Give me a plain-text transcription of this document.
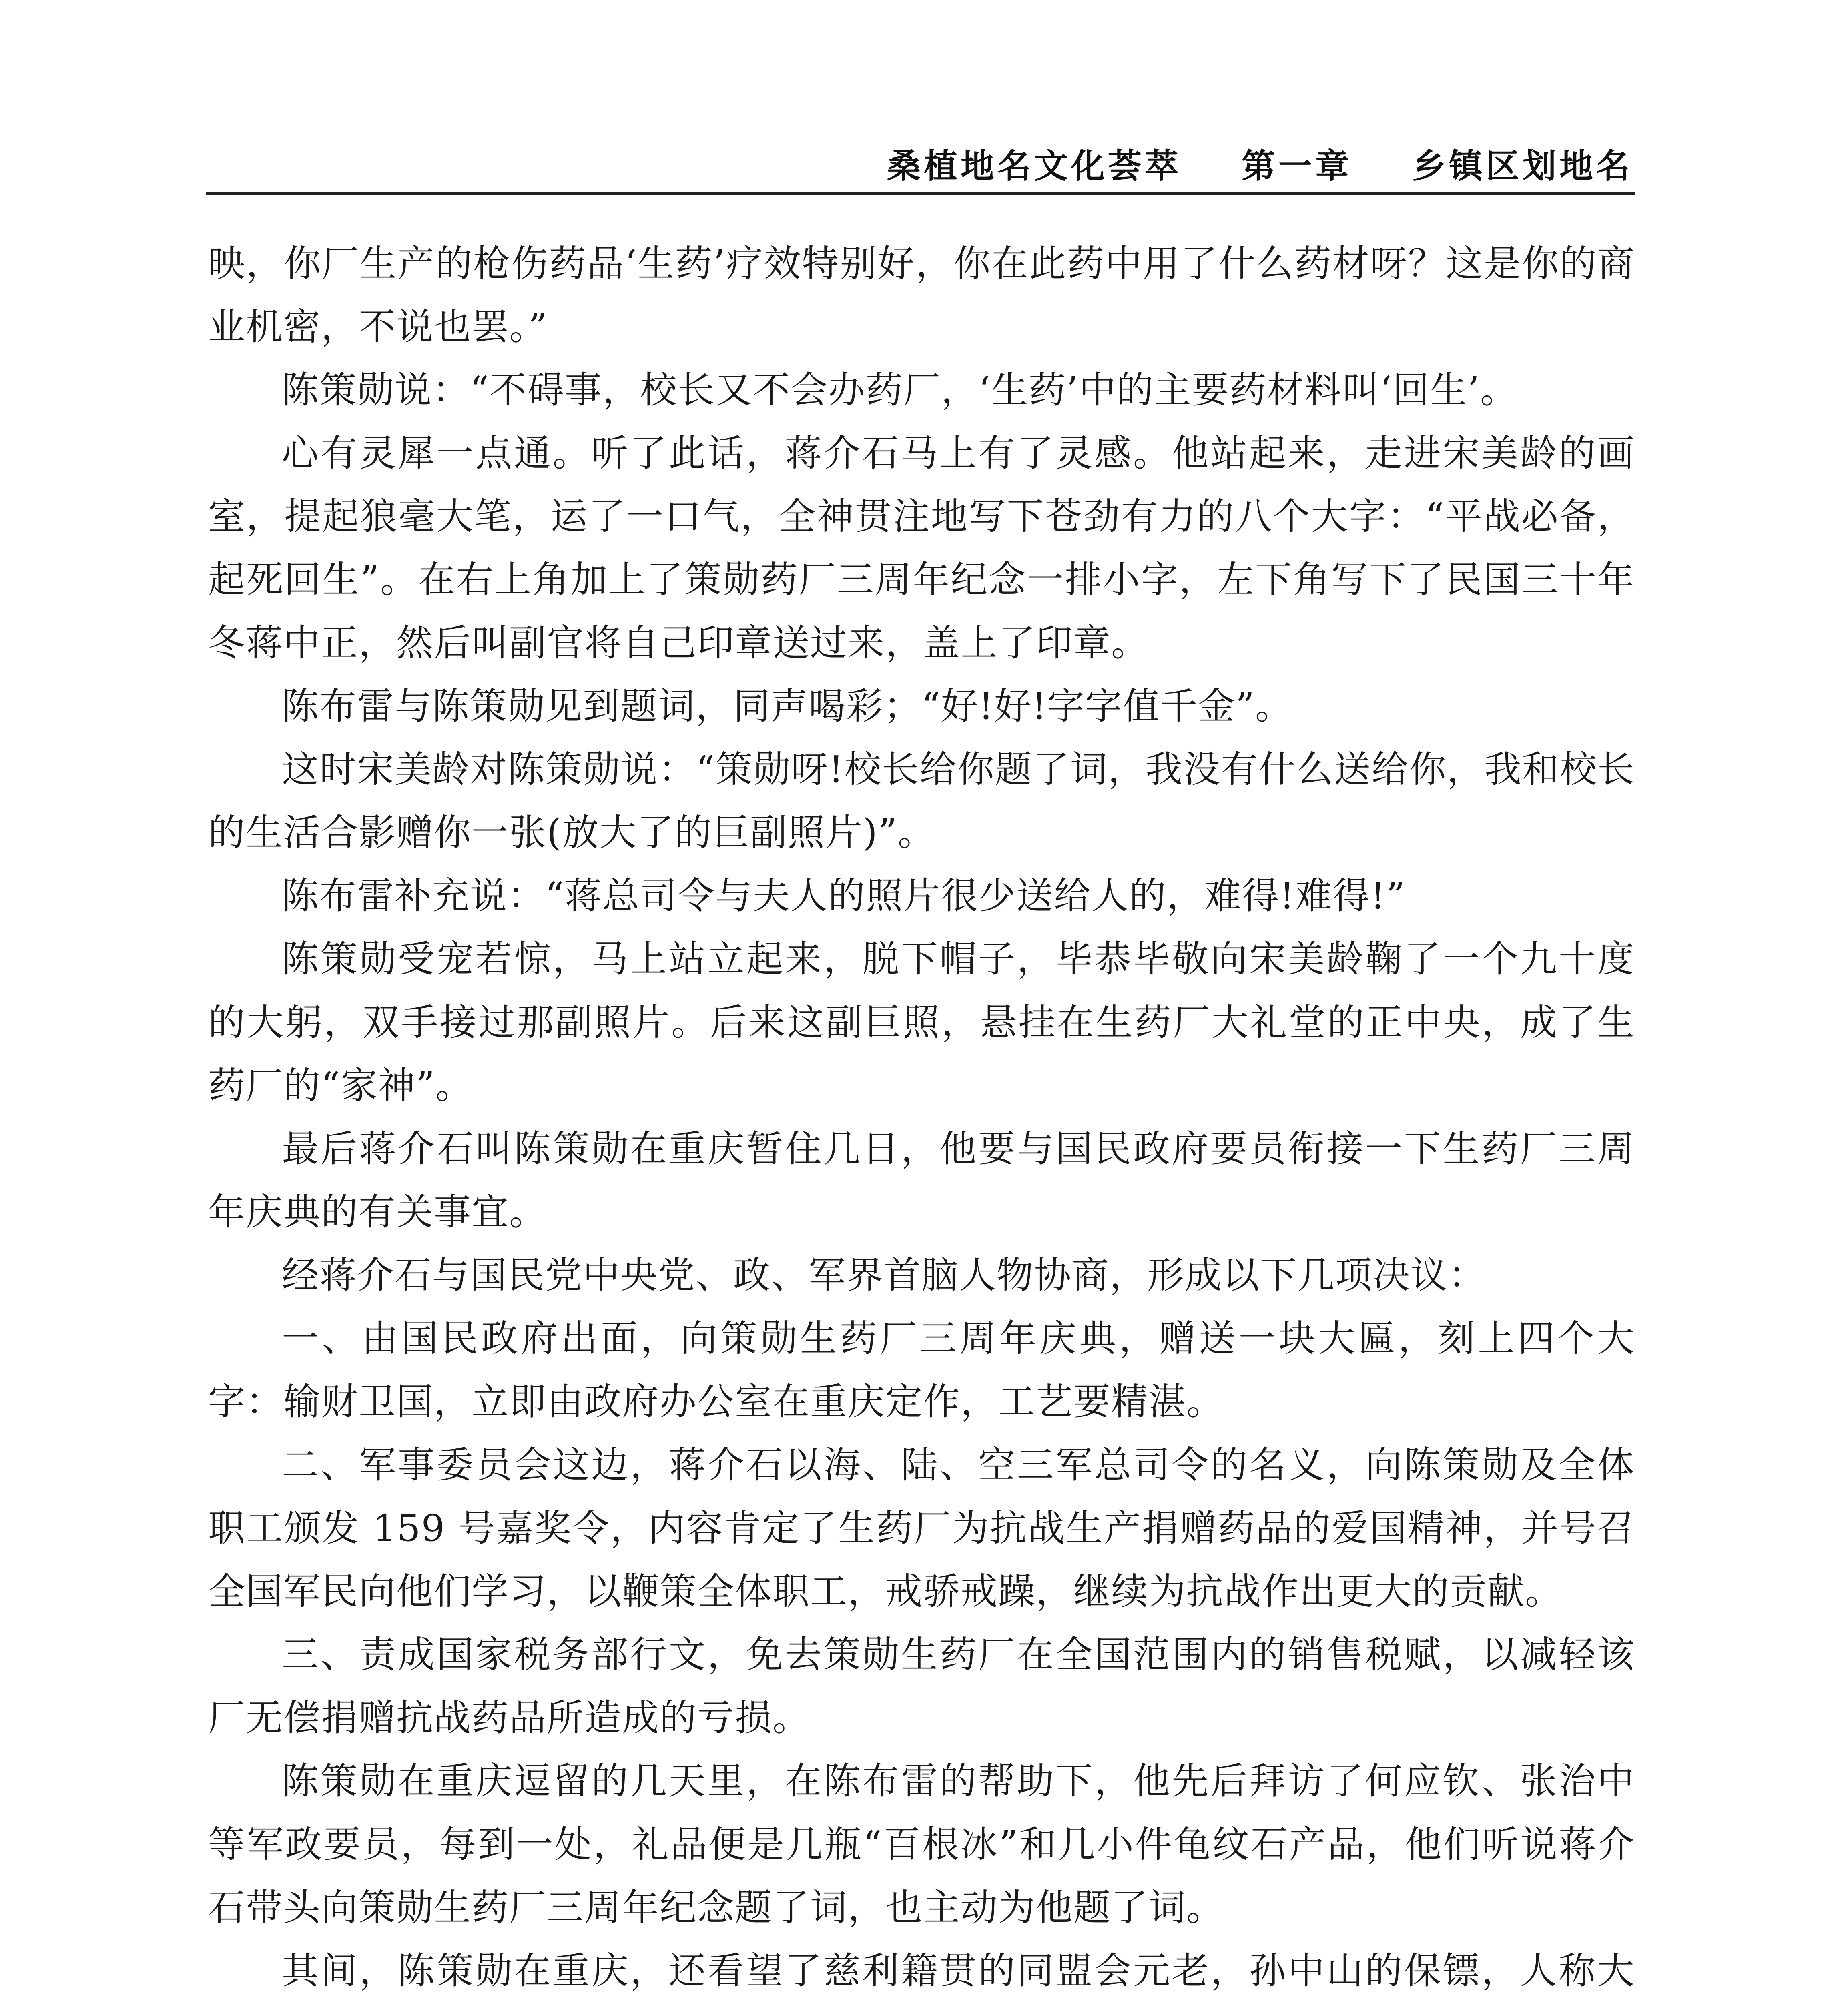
桑植地名文化荟萃 第一章 乡镇区划地名

映，你厂生产的枪伤药品‘生药’疗效特别好，你在此药中用了什么药材呀？这是你的商业机密，不说也罢。”

陈策勋说：“不碍事，校长又不会办药厂，‘生药’中的主要药材料叫‘回生’。

心有灵犀一点通。听了此话，蒋介石马上有了灵感。他站起来，走进宋美龄的画室，提起狼毫大笔，运了一口气，全神贯注地写下苍劲有力的八个大字：“平战必备，起死回生”。在右上角加上了策勋药厂三周年纪念一排小字，左下角写下了民国三十年冬蒋中正，然后叫副官将自己印章送过来，盖上了印章。

陈布雷与陈策勋见到题词，同声喝彩；“好!好!字字值千金”。

这时宋美龄对陈策勋说：“策勋呀!校长给你题了词，我没有什么送给你，我和校长的生活合影赠你一张(放大了的巨副照片)”。

陈布雷补充说：“蒋总司令与夫人的照片很少送给人的，难得!难得!”

陈策勋受宠若惊，马上站立起来，脱下帽子，毕恭毕敬向宋美龄鞠了一个九十度的大躬，双手接过那副照片。后来这副巨照，悬挂在生药厂大礼堂的正中央，成了生药厂的“家神”。

最后蒋介石叫陈策勋在重庆暂住几日，他要与国民政府要员衔接一下生药厂三周年庆典的有关事宜。

经蒋介石与国民党中央党、政、军界首脑人物协商，形成以下几项决议：

一、由国民政府出面，向策勋生药厂三周年庆典，赠送一块大匾，刻上四个大字：输财卫国，立即由政府办公室在重庆定作，工艺要精湛。

二、军事委员会这边，蒋介石以海、陆、空三军总司令的名义，向陈策勋及全体职工颁发 159 号嘉奖令，内容肯定了生药厂为抗战生产捐赠药品的爱国精神，并号召全国军民向他们学习，以鞭策全体职工，戒骄戒躁，继续为抗战作出更大的贡献。

三、责成国家税务部行文，免去策勋生药厂在全国范围内的销售税赋，以减轻该厂无偿捐赠抗战药品所造成的亏损。

陈策勋在重庆逗留的几天里，在陈布雷的帮助下，他先后拜访了何应钦、张治中等军政要员，每到一处，礼品便是几瓶“百根冰”和几小件龟纹石产品，他们听说蒋介石带头向策勋生药厂三周年纪念题了词，也主动为他题了词。

其间，陈策勋在重庆，还看望了慈利籍贯的同盟会元老，孙中山的保镖，人称大
